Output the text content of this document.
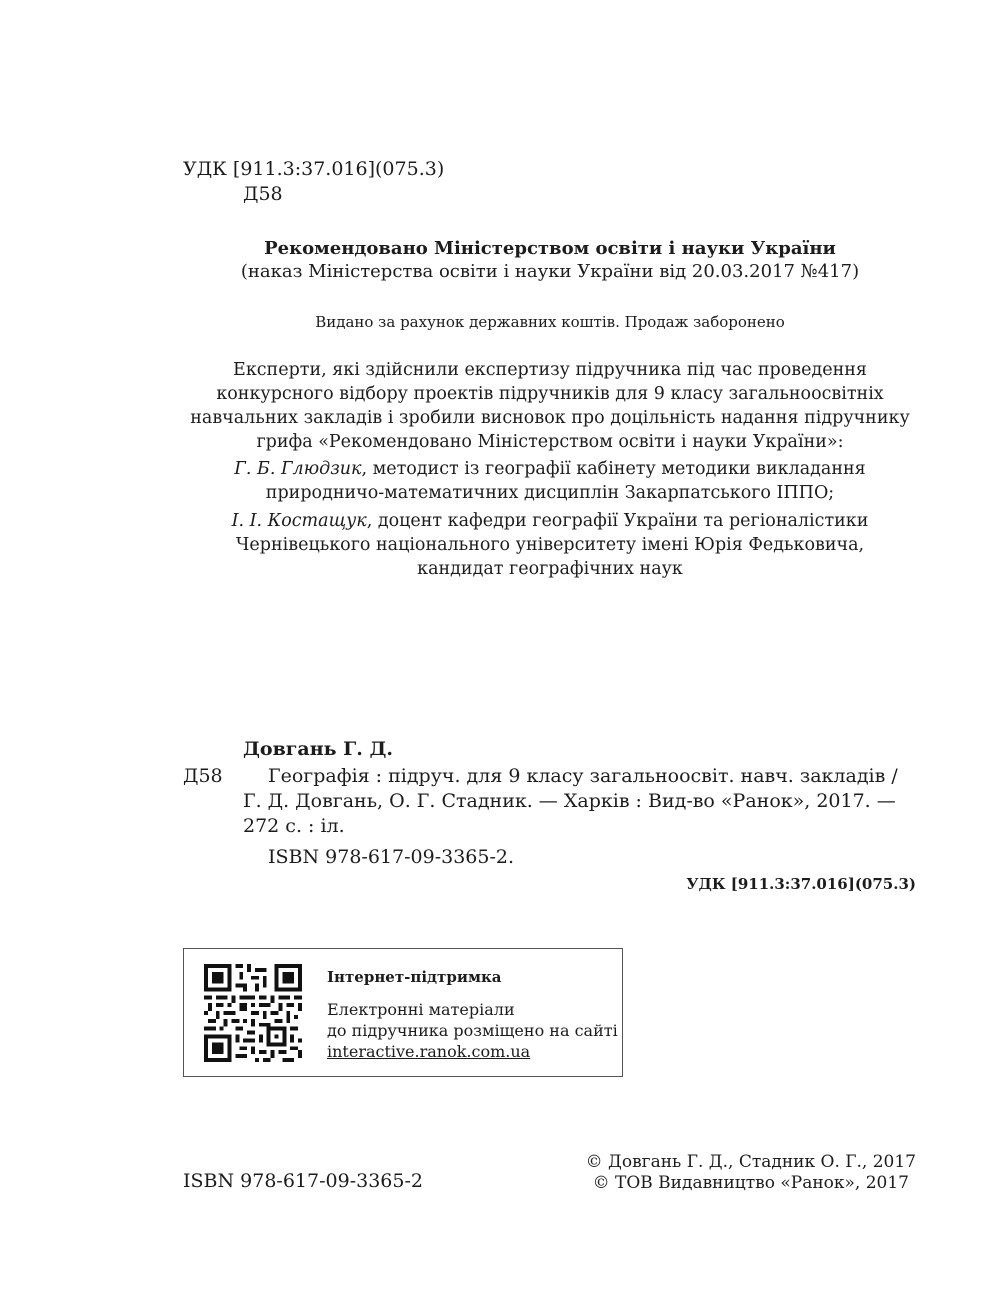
УДК [911.3:37.016](075.3)
Д58
Рекомендовано Міністерством освіти і науки України
(наказ Міністерства освіти і науки України від 20.03.2017 №417)
Видано за рахунок державних коштів. Продаж заборонено
Експерти, які здійснили експертизу підручника під час проведення
конкурсного відбору проектів підручників для 9 класу загальноосвітніх
навчальних закладів і зробили висновок про доцільність надання підручнику
грифа «Рекомендовано Міністерством освіти і науки України»:
Г. Б. Глюдзик, методист із географії кабінету методики викладання
природничо-математичних дисциплін Закарпатського ІППО;
І. І. Костащук, доцент кафедри географії України та регіоналістики
Чернівецького національного університету імені Юрія Федьковича,
кандидат географічних наук
Довгань Г. Д.
Д58 Географія : підруч. для 9 класу загальноосвіт. навч. закладів /
Г. Д. Довгань, О. Г. Стадник. — Харків : Вид-во «Ранок», 2017. —
272 с. : іл.
ISBN 978-617-09-3365-2.
УДК [911.3:37.016](075.3)
Інтернет-підтримка
Електронні матеріали
до підручника розміщено на сайті
interactive.ranok.com.ua
ISBN 978-617-09-3365-2
© Довгань Г. Д., Стадник О. Г., 2017
© ТОВ Видавництво «Ранок», 2017
